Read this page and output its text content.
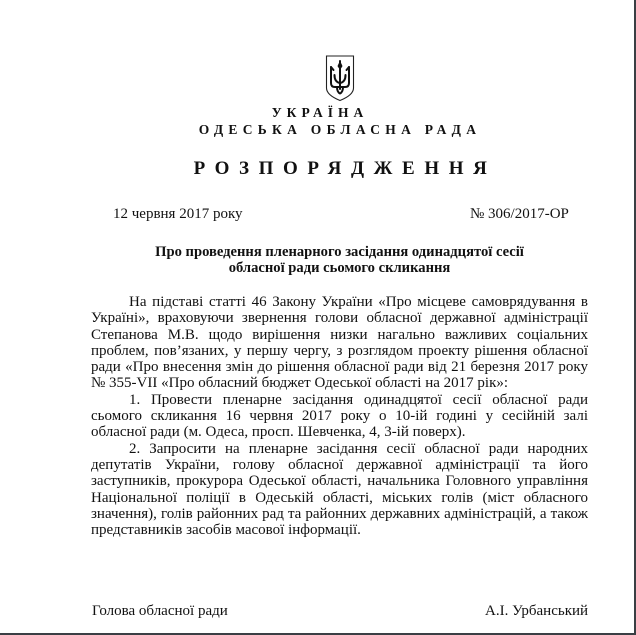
УКРАЇНА
ОДЕСЬКА ОБЛАСНА РАДА
РОЗПОРЯДЖЕННЯ
12 червня 2017 року	№ 306/2017-ОР
Про проведення пленарного засідання одинадцятої сесії
обласної ради сьомого скликання

На підставі статті 46 Закону України «Про місцеве самоврядування в Україні», враховуючи звернення голови обласної державної адміністрації Степанова М.В. щодо вирішення низки нагально важливих соціальних проблем, пов’язаних, у першу чергу, з розглядом проекту рішення обласної ради «Про внесення змін до рішення обласної ради від 21 березня 2017 року № 355-VII «Про обласний бюджет Одеської області на 2017 рік»:

1. Провести пленарне засідання одинадцятої сесії обласної ради сьомого скликання 16 червня 2017 року о 10-ій годині у сесійній залі обласної ради (м. Одеса, просп. Шевченка, 4, 3-ій поверх).

2. Запросити на пленарне засідання сесії обласної ради народних депутатів України, голову обласної державної адміністрації та його заступників, прокурора Одеської області, начальника Головного управління Національної поліції в Одеській області, міських голів (міст обласного значення), голів районних рад та районних державних адміністрацій, а також представників засобів масової інформації.

Голова обласної ради	А.І. Урбанський
